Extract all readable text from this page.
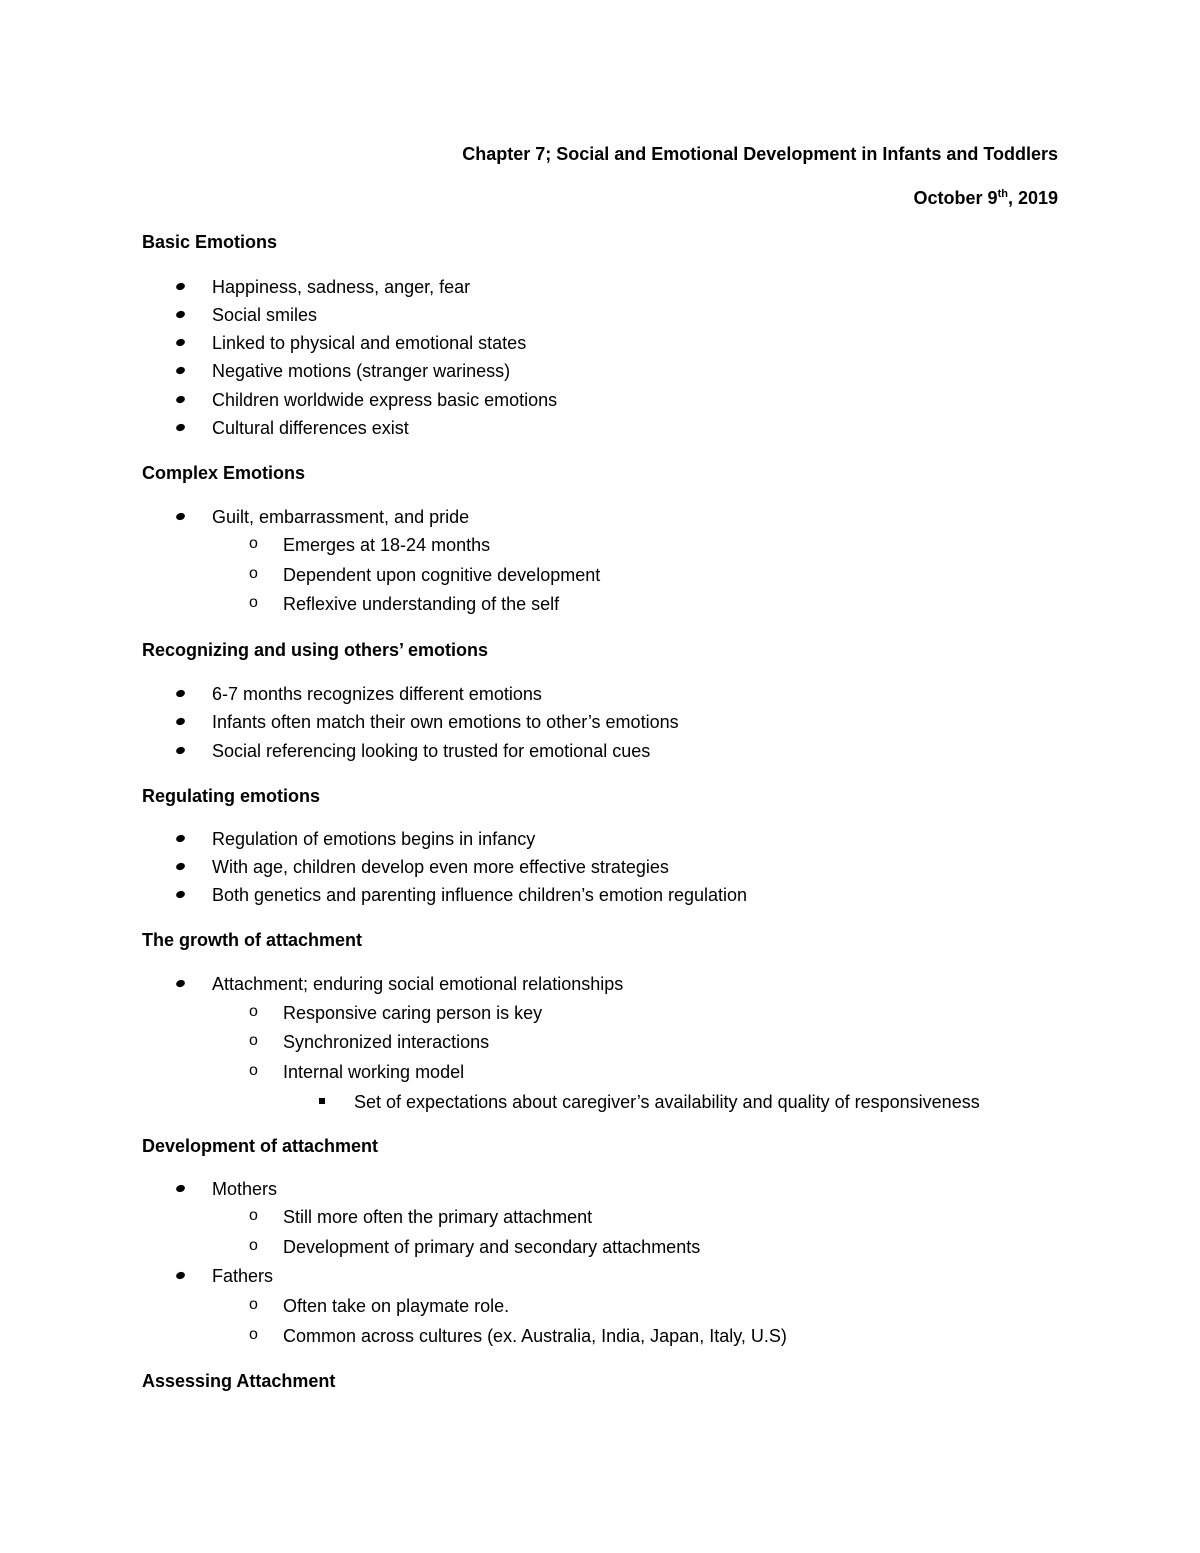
Chapter 7; Social and Emotional Development in Infants and Toddlers
October 9th, 2019
Basic Emotions
Happiness, sadness, anger, fear
Social smiles
Linked to physical and emotional states
Negative motions (stranger wariness)
Children worldwide express basic emotions
Cultural differences exist
Complex Emotions
Guilt, embarrassment, and pride
o Emerges at 18-24 months
o Dependent upon cognitive development
o Reflexive understanding of the self
Recognizing and using others’ emotions
6-7 months recognizes different emotions
Infants often match their own emotions to other’s emotions
Social referencing looking to trusted for emotional cues
Regulating emotions
Regulation of emotions begins in infancy
With age, children develop even more effective strategies
Both genetics and parenting influence children’s emotion regulation
The growth of attachment
Attachment; enduring social emotional relationships
o Responsive caring person is key
o Synchronized interactions
o Internal working model
Set of expectations about caregiver’s availability and quality of responsiveness
Development of attachment
Mothers
o Still more often the primary attachment
o Development of primary and secondary attachments
Fathers
o Often take on playmate role.
o Common across cultures (ex. Australia, India, Japan, Italy, U.S)
Assessing Attachment
